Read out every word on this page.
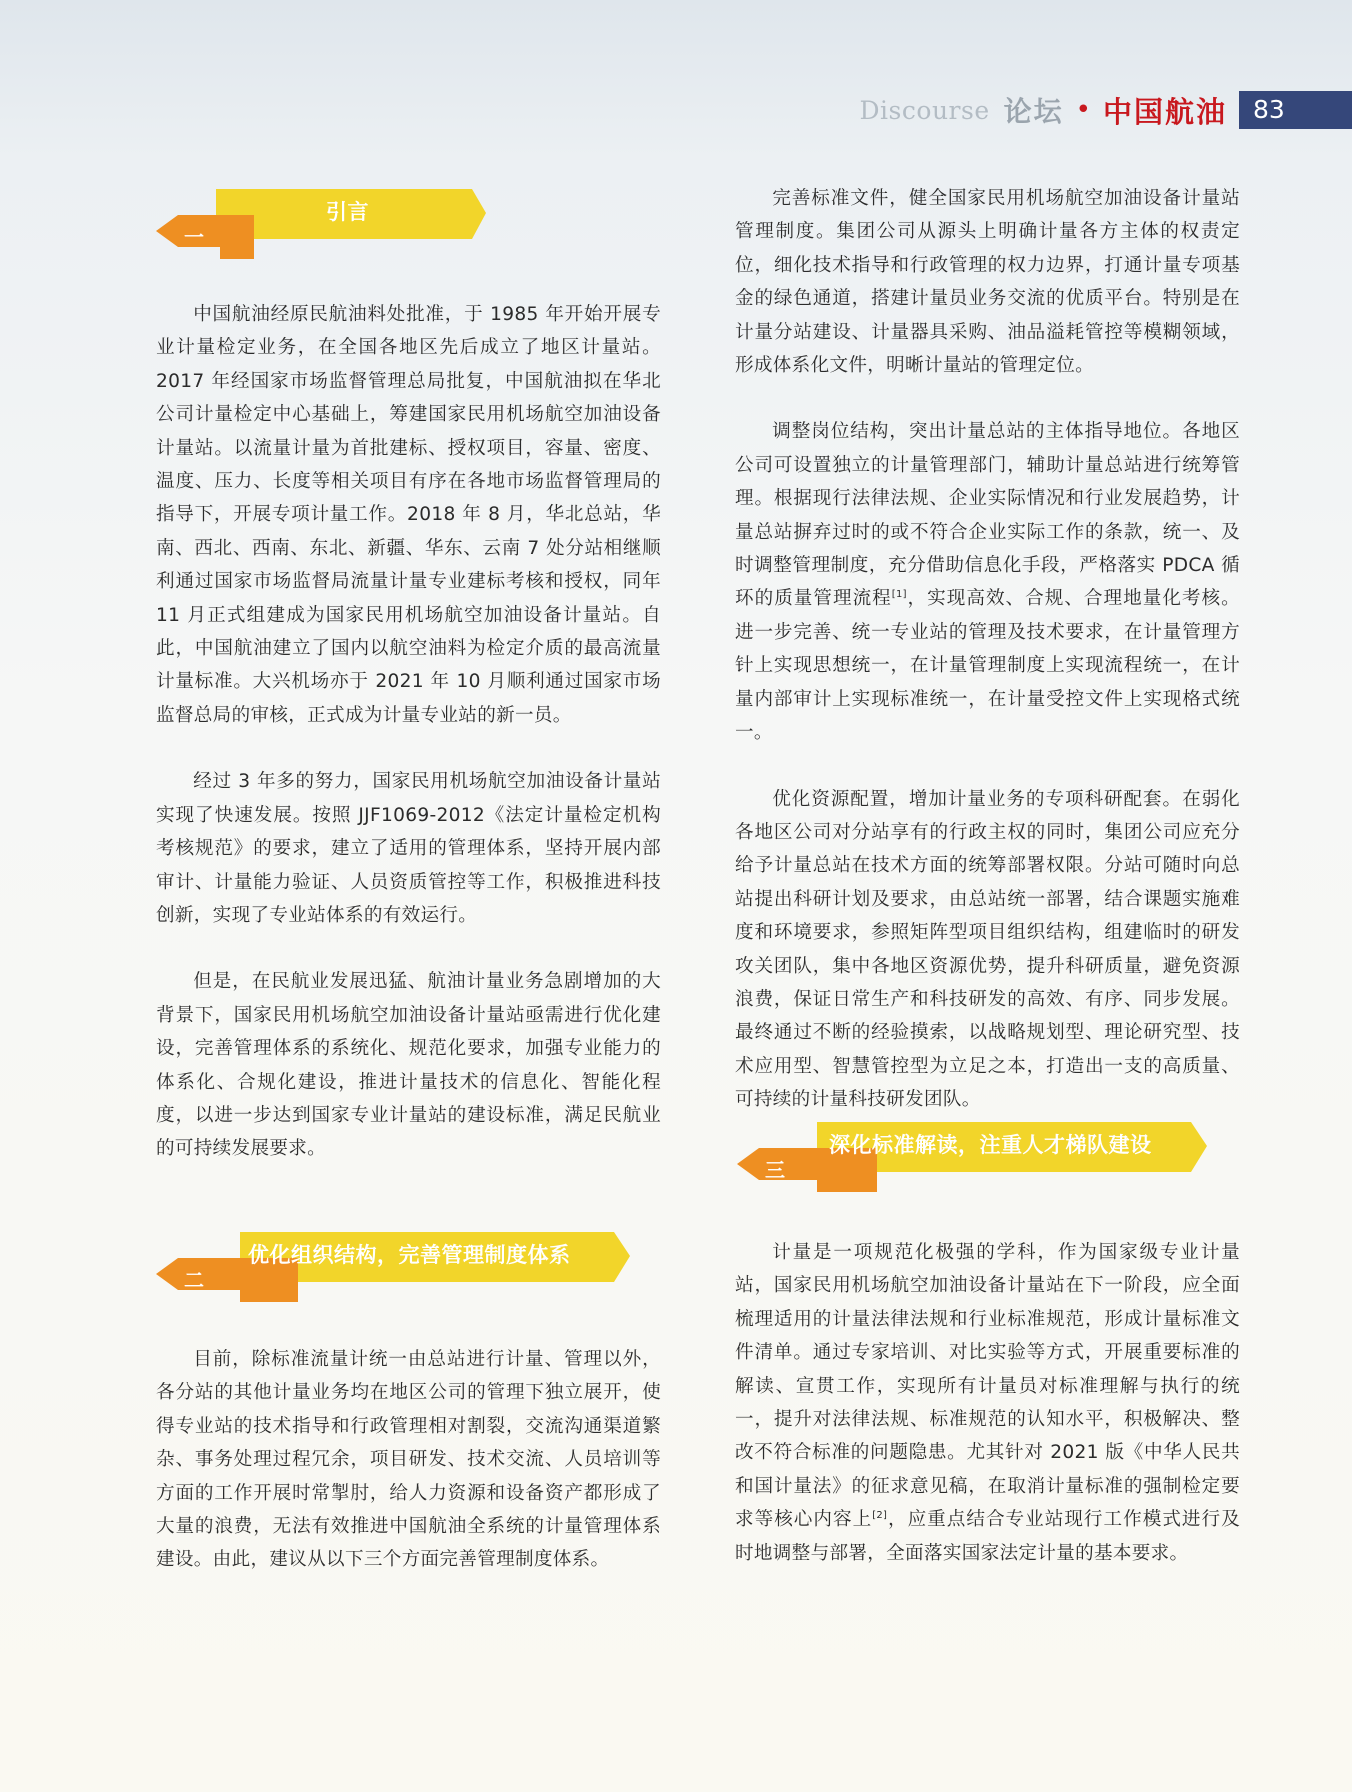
Discourse 论坛 • 中国航油	83
一
引言

中国航油经原民航油料处批准，于 1985 年开始开展专业计量检定业务，在全国各地区先后成立了地区计量站。2017 年经国家市场监督管理总局批复，中国航油拟在华北公司计量检定中心基础上，筹建国家民用机场航空加油设备计量站。以流量计量为首批建标、授权项目，容量、密度、温度、压力、长度等相关项目有序在各地市场监督管理局的指导下，开展专项计量工作。2018 年 8 月，华北总站，华南、西北、西南、东北、新疆、华东、云南 7 处分站相继顺利通过国家市场监督局流量计量专业建标考核和授权，同年 11 月正式组建成为国家民用机场航空加油设备计量站。自此，中国航油建立了国内以航空油料为检定介质的最高流量计量标准。大兴机场亦于 2021 年 10 月顺利通过国家市场监督总局的审核，正式成为计量专业站的新一员。

经过 3 年多的努力，国家民用机场航空加油设备计量站实现了快速发展。按照 JJF1069-2012《法定计量检定机构考核规范》的要求，建立了适用的管理体系，坚持开展内部审计、计量能力验证、人员资质管控等工作，积极推进科技创新，实现了专业站体系的有效运行。

但是，在民航业发展迅猛、航油计量业务急剧增加的大背景下，国家民用机场航空加油设备计量站亟需进行优化建设，完善管理体系的系统化、规范化要求，加强专业能力的体系化、合规化建设，推进计量技术的信息化、智能化程度，以进一步达到国家专业计量站的建设标准，满足民航业的可持续发展要求。

二
优化组织结构，完善管理制度体系

目前，除标准流量计统一由总站进行计量、管理以外，各分站的其他计量业务均在地区公司的管理下独立展开，使得专业站的技术指导和行政管理相对割裂，交流沟通渠道繁杂、事务处理过程冗余，项目研发、技术交流、人员培训等方面的工作开展时常掣肘，给人力资源和设备资产都形成了大量的浪费，无法有效推进中国航油全系统的计量管理体系建设。由此，建议从以下三个方面完善管理制度体系。

完善标准文件，健全国家民用机场航空加油设备计量站管理制度。集团公司从源头上明确计量各方主体的权责定位，细化技术指导和行政管理的权力边界，打通计量专项基金的绿色通道，搭建计量员业务交流的优质平台。特别是在计量分站建设、计量器具采购、油品溢耗管控等模糊领域，形成体系化文件，明晰计量站的管理定位。

调整岗位结构，突出计量总站的主体指导地位。各地区公司可设置独立的计量管理部门，辅助计量总站进行统筹管理。根据现行法律法规、企业实际情况和行业发展趋势，计量总站摒弃过时的或不符合企业实际工作的条款，统一、及时调整管理制度，充分借助信息化手段，严格落实 PDCA 循环的质量管理流程[1]，实现高效、合规、合理地量化考核。进一步完善、统一专业站的管理及技术要求，在计量管理方针上实现思想统一，在计量管理制度上实现流程统一，在计量内部审计上实现标准统一，在计量受控文件上实现格式统一。

优化资源配置，增加计量业务的专项科研配套。在弱化各地区公司对分站享有的行政主权的同时，集团公司应充分给予计量总站在技术方面的统筹部署权限。分站可随时向总站提出科研计划及要求，由总站统一部署，结合课题实施难度和环境要求，参照矩阵型项目组织结构，组建临时的研发攻关团队，集中各地区资源优势，提升科研质量，避免资源浪费，保证日常生产和科技研发的高效、有序、同步发展。最终通过不断的经验摸索，以战略规划型、理论研究型、技术应用型、智慧管控型为立足之本，打造出一支的高质量、可持续的计量科技研发团队。

三
深化标准解读，注重人才梯队建设

计量是一项规范化极强的学科，作为国家级专业计量站，国家民用机场航空加油设备计量站在下一阶段，应全面梳理适用的计量法律法规和行业标准规范，形成计量标准文件清单。通过专家培训、对比实验等方式，开展重要标准的解读、宣贯工作，实现所有计量员对标准理解与执行的统一，提升对法律法规、标准规范的认知水平，积极解决、整改不符合标准的问题隐患。尤其针对 2021 版《中华人民共和国计量法》的征求意见稿，在取消计量标准的强制检定要求等核心内容上[2]，应重点结合专业站现行工作模式进行及时地调整与部署，全面落实国家法定计量的基本要求。
